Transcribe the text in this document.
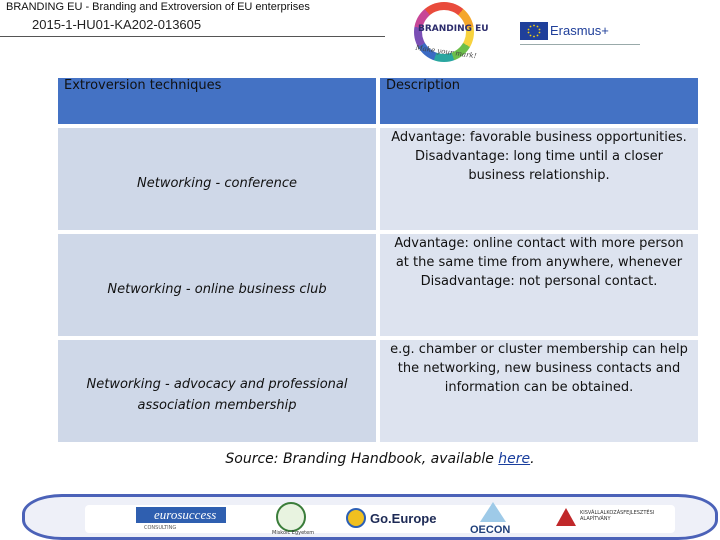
BRANDING EU - Branding and Extroversion of EU enterprises
2015-1-HU01-KA202-013605	BRANDING EU
Make your mark!
Erasmus+
Extroversion techniques	Description
Networking - conference	Advantage: favorable business opportunities. Disadvantage: long time until a closer business relationship.
Networking - online business club	Advantage: online contact with more person at the same time from anywhere, whenever Disadvantage: not personal contact.
Networking - advocacy and professional association membership	e.g. chamber or cluster membership can help the networking, new business contacts and information can be obtained.
Source: Branding Handbook, available here.
eurosuccess
CONSULTING
Miskolc Egyetem
Go.Europe
OECON
KISVÁLLALKOZÁSFEJLESZTÉSI ALAPÍTVÁNY
